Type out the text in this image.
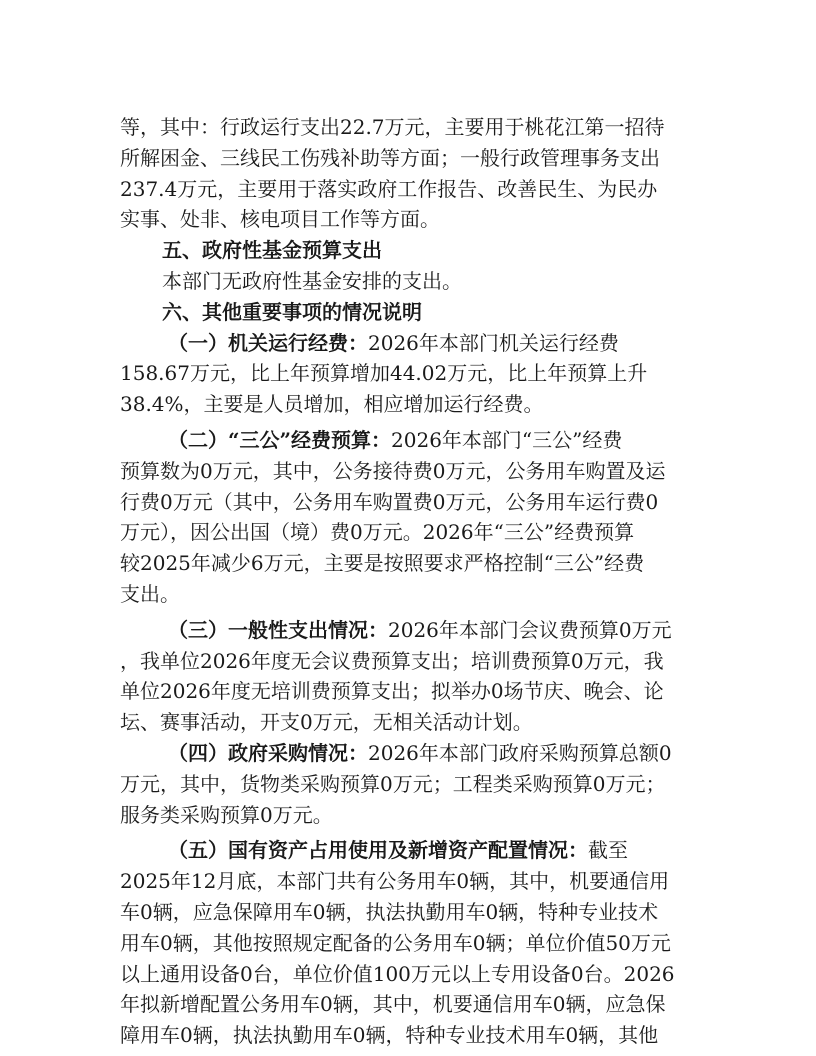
等，其中：行政运行支出22.7万元，主要用于桃花江第一招待
所解困金、三线民工伤残补助等方面；一般行政管理事务支出
237.4万元，主要用于落实政府工作报告、改善民生、为民办
实事、处非、核电项目工作等方面。
五、政府性基金预算支出
本部门无政府性基金安排的支出。
六、其他重要事项的情况说明
（一）机关运行经费：2026年本部门机关运行经费
158.67万元，比上年预算增加44.02万元，比上年预算上升
38.4%，主要是人员增加，相应增加运行经费。
（二）“三公”经费预算：2026年本部门“三公”经费
预算数为0万元，其中，公务接待费0万元，公务用车购置及运
行费0万元（其中，公务用车购置费0万元，公务用车运行费0
万元），因公出国（境）费0万元。2026年“三公”经费预算
较2025年减少6万元，主要是按照要求严格控制“三公”经费
支出。
（三）一般性支出情况：2026年本部门会议费预算0万元
，我单位2026年度无会议费预算支出；培训费预算0万元，我
单位2026年度无培训费预算支出；拟举办0场节庆、晚会、论
坛、赛事活动，开支0万元，无相关活动计划。
（四）政府采购情况：2026年本部门政府采购预算总额0
万元，其中，货物类采购预算0万元；工程类采购预算0万元；
服务类采购预算0万元。
（五）国有资产占用使用及新增资产配置情况：截至
2025年12月底，本部门共有公务用车0辆，其中，机要通信用
车0辆，应急保障用车0辆，执法执勤用车0辆，特种专业技术
用车0辆，其他按照规定配备的公务用车0辆；单位价值50万元
以上通用设备0台，单位价值100万元以上专用设备0台。2026
年拟新增配置公务用车0辆，其中，机要通信用车0辆，应急保
障用车0辆，执法执勤用车0辆，特种专业技术用车0辆，其他
